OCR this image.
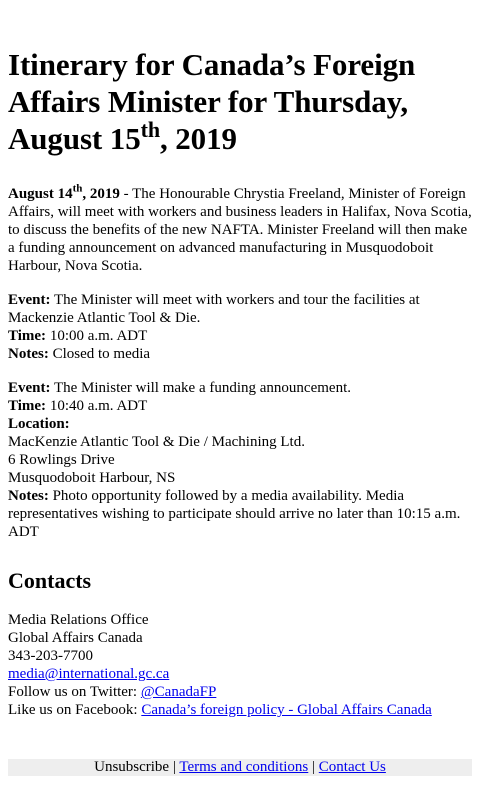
Itinerary for Canada’s Foreign Affairs Minister for Thursday, August 15th, 2019

August 14th, 2019 - The Honourable Chrystia Freeland, Minister of Foreign Affairs, will meet with workers and business leaders in Halifax, Nova Scotia, to discuss the benefits of the new NAFTA. Minister Freeland will then make a funding announcement on advanced manufacturing in Musquodoboit Harbour, Nova Scotia.

Event: The Minister will meet with workers and tour the facilities at Mackenzie Atlantic Tool & Die.
Time: 10:00 a.m. ADT
Notes: Closed to media
Event: The Minister will make a funding announcement.
Time: 10:40 a.m. ADT
Location:
MacKenzie Atlantic Tool & Die / Machining Ltd.
6 Rowlings Drive
Musquodoboit Harbour, NS
Notes: Photo opportunity followed by a media availability. Media representatives wishing to participate should arrive no later than 10:15 a.m. ADT
Contacts
Media Relations Office
Global Affairs Canada
343-203-7700
media@international.gc.ca
Follow us on Twitter: @CanadaFP
Like us on Facebook: Canada’s foreign policy - Global Affairs Canada
Unsubscribe | Terms and conditions | Contact Us
